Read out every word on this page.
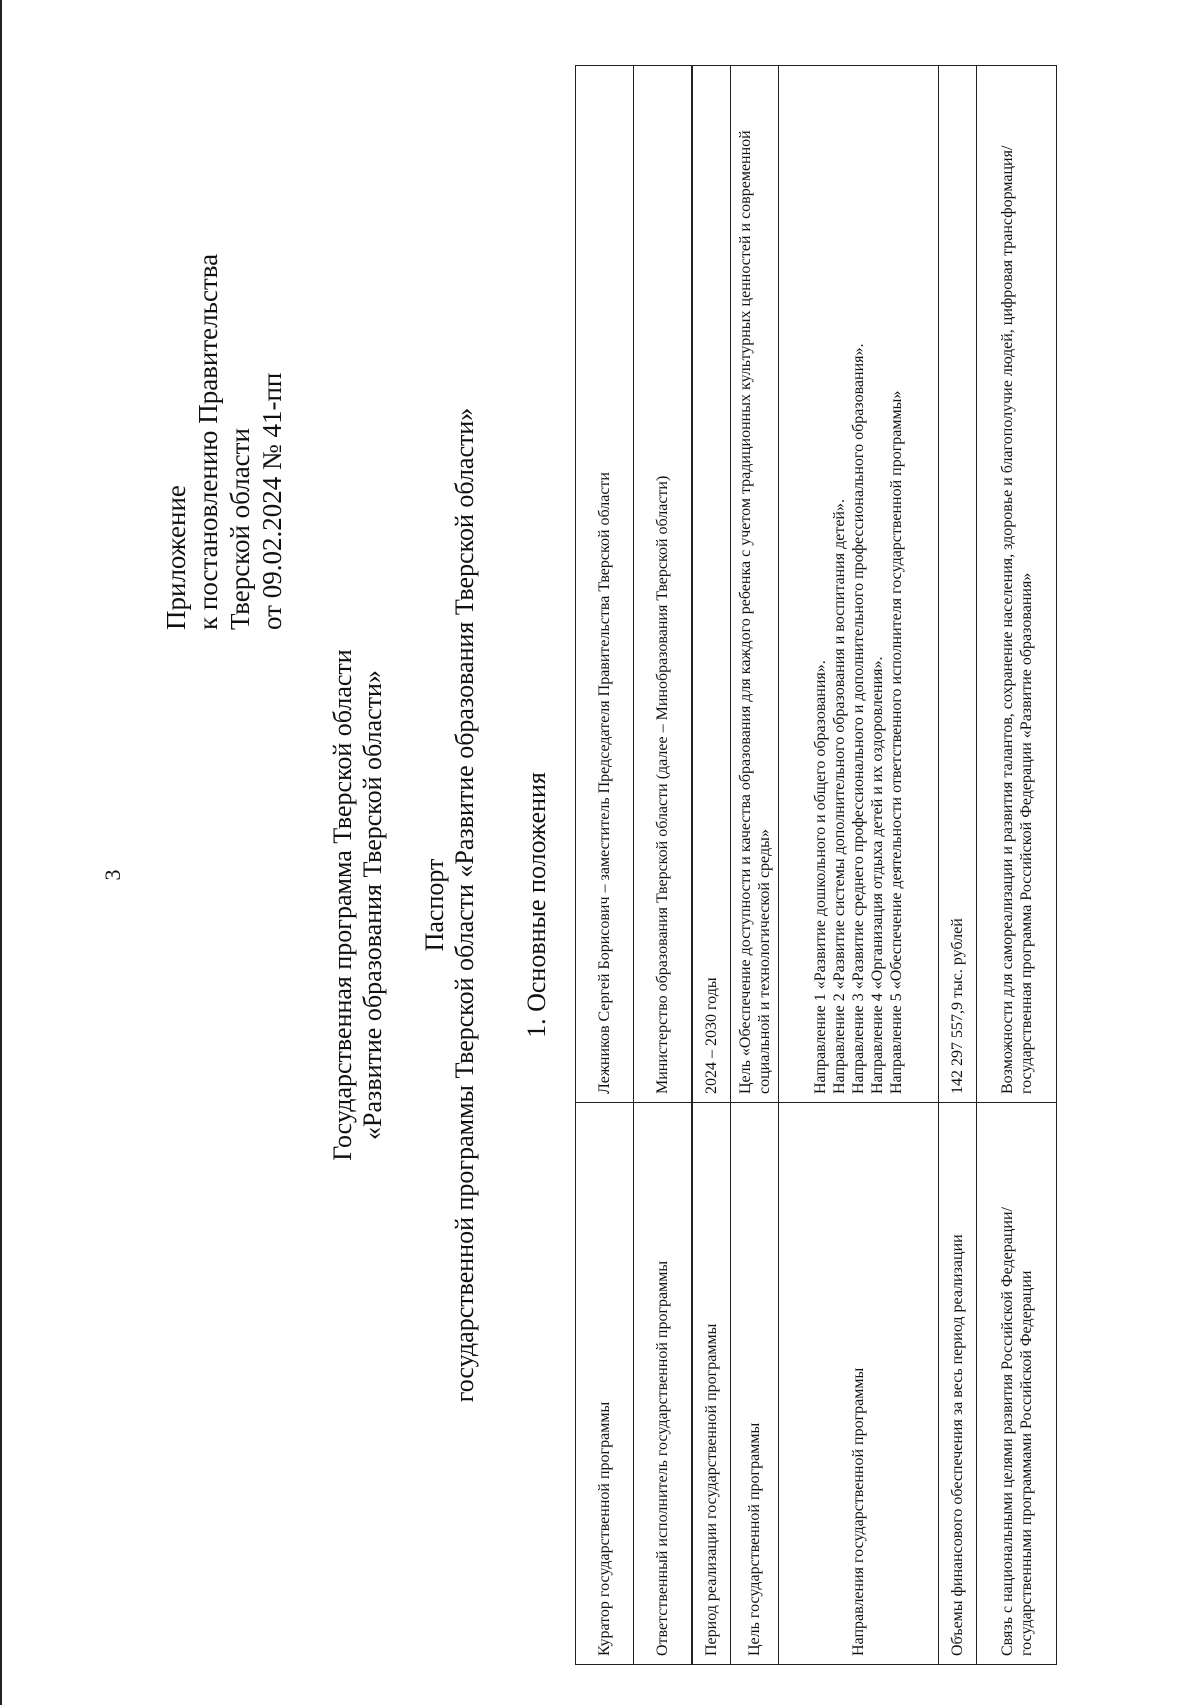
3
Приложение к постановлению Правительства Тверской области от 09.02.2024 № 41-пп
Государственная программа Тверской области «Развитие образования Тверской области» Паспорт государственной программы Тверской области «Развитие образования Тверской области» 1. Основные положения
Куратор государственной программы	Лежников Сергей Борисович – заместитель Председателя Правительства Тверской области
Ответственный исполнитель государственной программы	Министерство образования Тверской области (далее – Минобразования Тверской области)
Период реализации государственной программы	2024 – 2030 годы
Цель государственной программы	Цель «Обеспечение доступности и качества образования для каждого ребенка с учетом традиционных культурных ценностей и современной социальной и технологической среды»
Направления государственной программы	Направление 1 «Развитие дошкольного и общего образования». Направление 2 «Развитие системы дополнительного образования и воспитания детей». Направление 3 «Развитие среднего профессионального и дополнительного профессионального образования». Направление 4 «Организация отдыха детей и их оздоровления». Направление 5 «Обеспечение деятельности ответственного исполнителя государственной программы»

Объемы финансового обеспечения за весь период реализации	142 297 557,9 тыс. рублей
Связь с национальными целями развития Российской Федерации/ государственными программами Российской Федерации	Возможности для самореализации и развития талантов, сохранение населения, здоровье и благополучие людей, цифровая трансформация/государственная программа Российской Федерации «Развитие образования»
